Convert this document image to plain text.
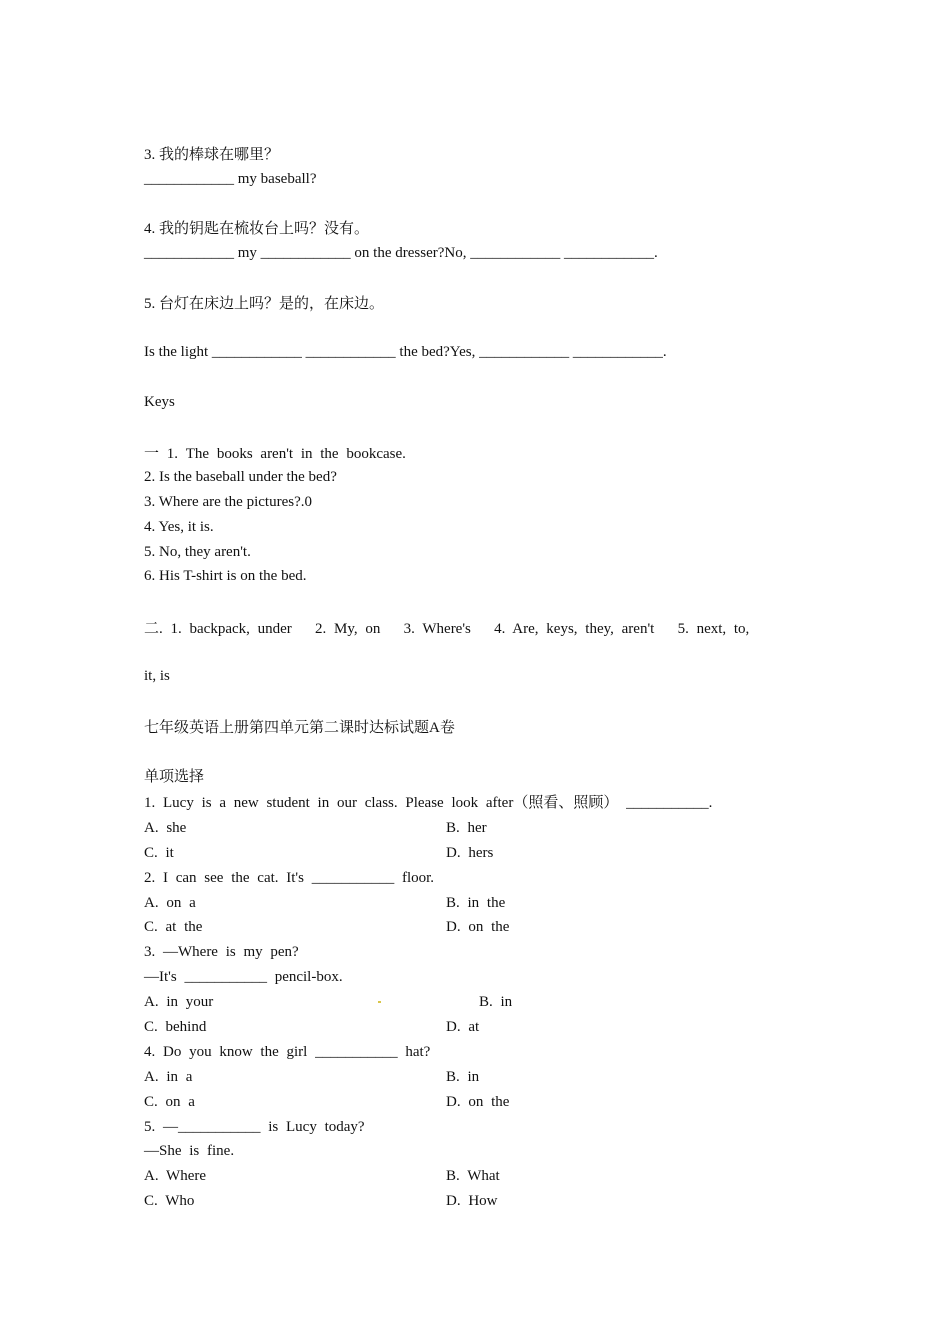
3. 我的棒球在哪里？
____________ my baseball?
4. 我的钥匙在梳妆台上吗？没有。
____________ my ____________ on the dresser?No, ____________ ____________.
5. 台灯在床边上吗？是的，在床边。
Is the light ____________ ____________ the bed?Yes, ____________ ____________.
Keys
一 1. The books aren't in the bookcase.
2. Is the baseball under the bed?
3. Where are the pictures?.0
4. Yes, it is.
5. No, they aren't.
6. His T-shirt is on the bed.
二. 1. backpack, under   2. My, on   3. Where's   4. Are, keys, they, aren't   5. next, to,
it, is
七年级英语上册第四单元第二课时达标试题A卷
单项选择
1. Lucy is a new student in our class. Please look after（照看、照顾） ___________.
A. she	B. her
C. it	D. hers
2. I can see the cat. It's ___________ floor.
A. on a	B. in the
C. at the	D. on the
3. —Where is my pen?
—It's ___________ pencil-box.
A. in your	B. in
C. behind	D. at
4. Do you know the girl ___________ hat?
A. in a	B. in
C. on a	D. on the
5. —___________ is Lucy today?
—She is fine.
A. Where	B. What
C. Who	D. How
